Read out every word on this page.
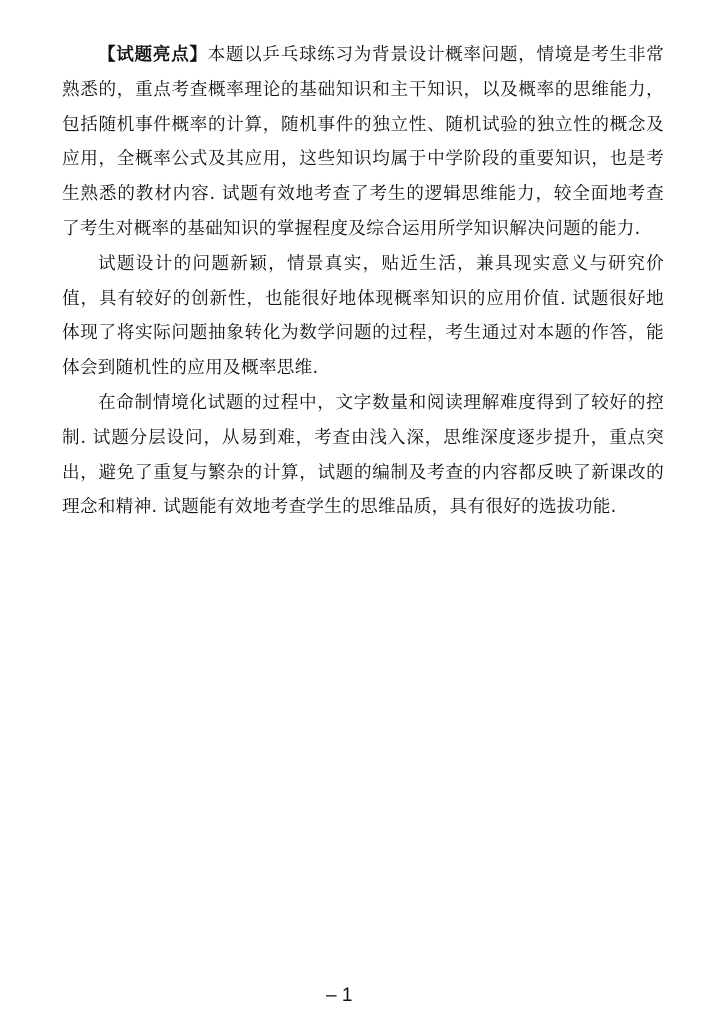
【试题亮点】本题以乒乓球练习为背景设计概率问题，情境是考生非常熟悉的，重点考查概率理论的基础知识和主干知识，以及概率的思维能力，包括随机事件概率的计算，随机事件的独立性、随机试验的独立性的概念及应用，全概率公式及其应用，这些知识均属于中学阶段的重要知识，也是考生熟悉的教材内容. 试题有效地考查了考生的逻辑思维能力，较全面地考查了考生对概率的基础知识的掌握程度及综合运用所学知识解决问题的能力.

试题设计的问题新颖，情景真实，贴近生活，兼具现实意义与研究价值，具有较好的创新性，也能很好地体现概率知识的应用价值. 试题很好地体现了将实际问题抽象转化为数学问题的过程，考生通过对本题的作答，能体会到随机性的应用及概率思维.

在命制情境化试题的过程中，文字数量和阅读理解难度得到了较好的控制. 试题分层设问，从易到难，考查由浅入深，思维深度逐步提升，重点突出，避免了重复与繁杂的计算，试题的编制及考查的内容都反映了新课改的理念和精神. 试题能有效地考查学生的思维品质，具有很好的选拔功能.

– 1
